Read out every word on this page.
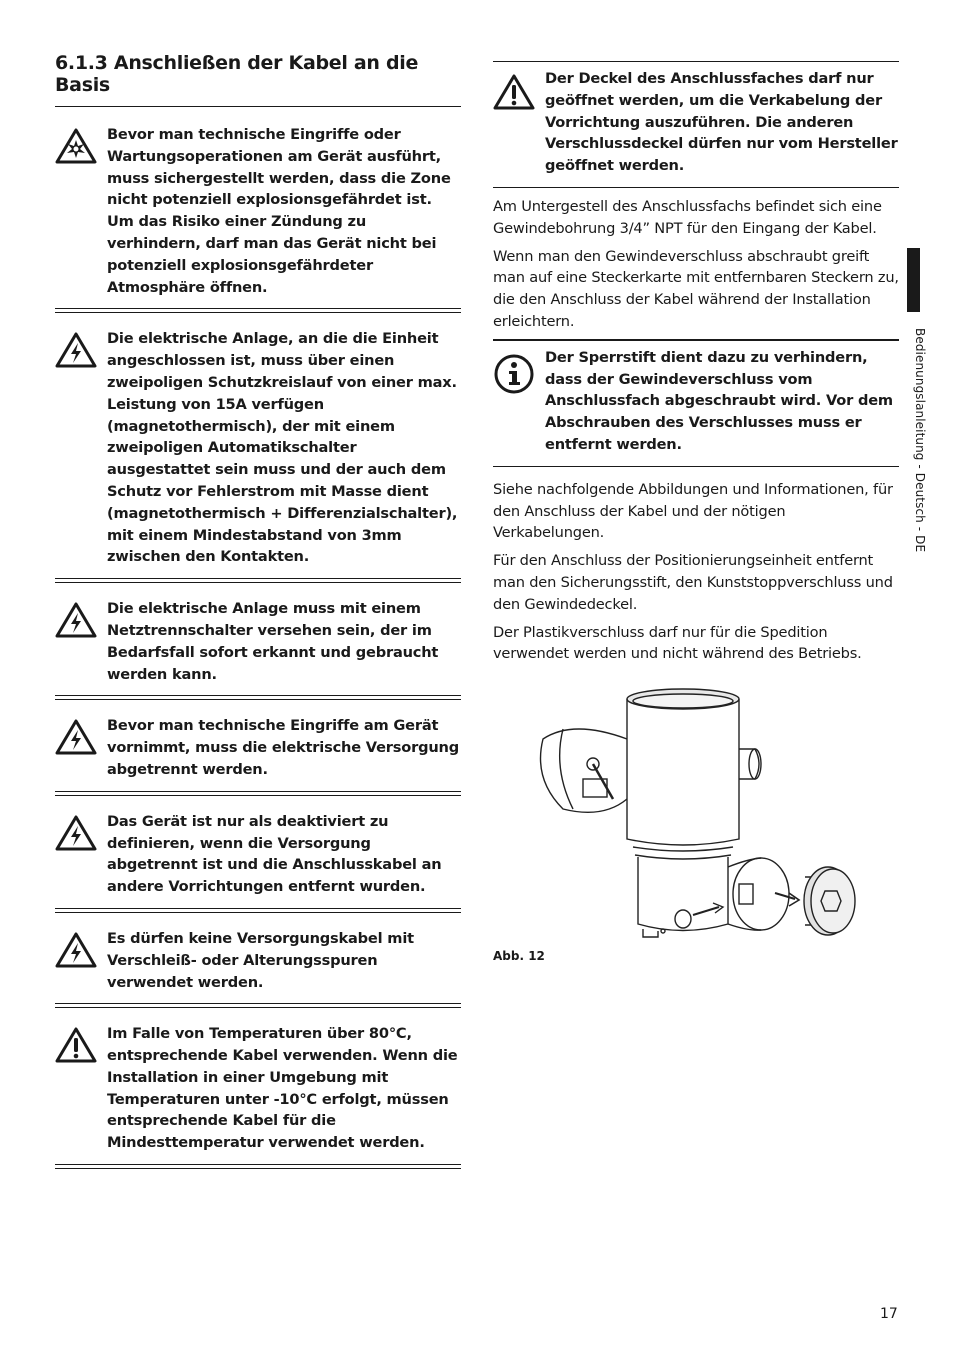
6.1.3 Anschließen der Kabel an die Basis
Bevor man technische Eingriffe oder Wartungsoperationen am Gerät ausführt, muss sichergestellt werden, dass die Zone nicht potenziell explosionsgefährdet ist. Um das Risiko einer Zündung zu verhindern, darf man das Gerät nicht bei potenziell explosionsgefährdeter Atmosphäre öffnen.
Die elektrische Anlage, an die die Einheit angeschlossen ist, muss über einen zweipoligen Schutzkreislauf von einer max. Leistung von 15A verfügen (magnetothermisch), der mit einem zweipoligen Automatikschalter ausgestattet sein muss und der auch dem Schutz vor Fehlerstrom mit Masse dient (magnetothermisch + Differenzialschalter), mit einem Mindestabstand von 3mm zwischen den Kontakten.
Die elektrische Anlage muss mit einem Netztrennschalter versehen sein, der im Bedarfsfall sofort erkannt und gebraucht werden kann.
Bevor man technische Eingriffe am Gerät vornimmt, muss die elektrische Versorgung abgetrennt werden.
Das Gerät ist nur als deaktiviert zu definieren, wenn die Versorgung abgetrennt ist und die Anschlusskabel an andere Vorrichtungen entfernt wurden.
Es dürfen keine Versorgungskabel mit Verschleiß- oder Alterungsspuren verwendet werden.
Im Falle von Temperaturen über 80°C, entsprechende Kabel verwenden. Wenn die Installation in einer Umgebung mit Temperaturen unter -10°C erfolgt, müssen entsprechende Kabel für die Mindesttemperatur verwendet werden.
Der Deckel des Anschlussfaches darf nur geöffnet werden, um die Verkabelung der Vorrichtung auszuführen. Die anderen Verschlussdeckel dürfen nur vom Hersteller geöffnet werden.

Am Untergestell des Anschlussfachs befindet sich eine Gewindebohrung 3/4” NPT für den Eingang der Kabel.

Wenn man den Gewindeverschluss abschraubt greift man auf eine Steckerkarte mit entfernbaren Steckern zu, die den Anschluss der Kabel während der Installation erleichtern.

Der Sperrstift dient dazu zu verhindern, dass der Gewindeverschluss vom Anschlussfach abgeschraubt wird. Vor dem Abschrauben des Verschlusses muss er entfernt werden.

Siehe nachfolgende Abbildungen und Informationen, für den Anschluss der Kabel und der nötigen Verkabelungen.

Für den Anschluss der Positionierungseinheit entfernt man den Sicherungsstift, den Kunststoppverschluss und den Gewindedeckel.

Der Plastikverschluss darf nur für die Spedition verwendet werden und nicht während des Betriebs.

Abb. 12
Bedienungslanleitung - Deutsch - DE
17
